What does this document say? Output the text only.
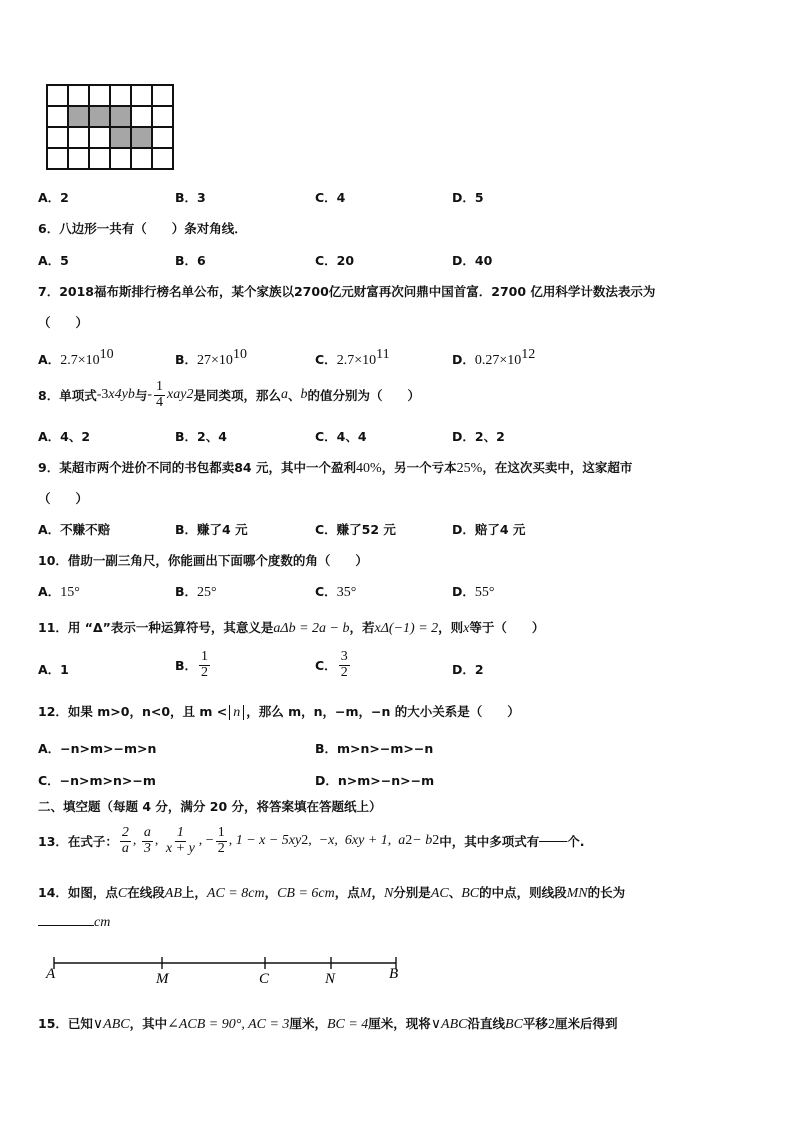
A．2	B．3	C．4	D．5
6．八边形一共有（　　）条对角线．
A．5	B．6	C．20	D．40
7．2018福布斯排行榜名单公布，某个家族以2700亿元财富再次问鼎中国首富．2700 亿用科学计数法表示为
（　　）
A．$2.7\times 10^{10}$	B．$27\times 10^{10}$	C．$2.7\times 10^{11}$	D．$0.27\times 10^{12}$
8．单项式 - 3 x 4 y b 与 - $\frac{1}{4}$ x a y 2 是同类项，那么 a 、 b 的值分别为（　　）
A．4、2	B．2、4	C．4、4	D．2、2
9．某超市两个进价不同的书包都卖84 元，其中一个盈利40%，另一个亏本25%，在这次买卖中，这家超市
（　　）
A．不赚不赔	B．赚了4 元	C．赚了52 元	D．赔了4 元
10．借助一副三角尺，你能画出下面哪个度数的角（　　）
A．15°	B．25°	C．35°	D．55°
11．用 “Δ”表示一种运算符号，其意义是aΔb = 2a − b，若xΔ(−1) = 2，则x等于（　　）
A．1	B． $\frac{1}{2}$	C． $\frac{3}{2}$	D．2
12．如果 m>0，n<0，且 m < n ，那么 m，n，−m，−n 的大小关系是（　　）
A．−n>m>−m>n	B．m>n>−m>−n
C．−n>m>n>−m	D．n>m>−n>−m
二、填空题（每题 4 分，满分 20 分，将答案填在答题纸上）
13．在式子： $\frac{2}{a}$ , $\frac{a}{3}$ , $\frac{1}{x + y}$ , − $\frac{1}{2}$ , 1 − x − 5xy 2 , −x , 6xy + 1 , a 2 − b 2 中，其中多项式有 个.
14．如图，点C在线段AB上，AC = 8cm，CB = 6cm，点M，N分别是AC、BC的中点，则线段MN的长为
cm
A	M	C	N	B
15．已知∨ABC，其中∠ACB = 90°, AC = 3厘米，BC = 4厘米，现将∨ABC沿直线BC平移2厘米后得到
